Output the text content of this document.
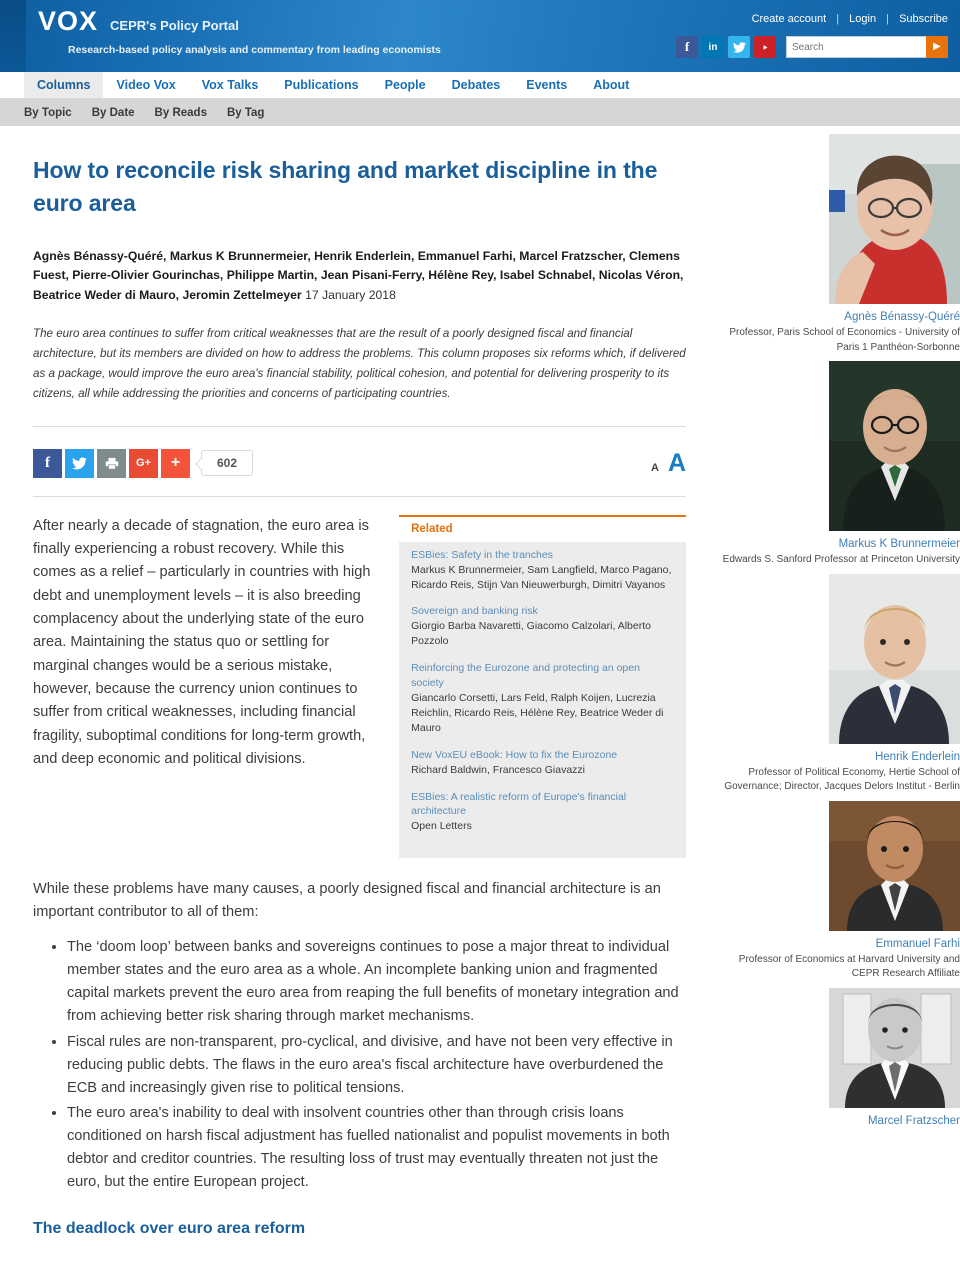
VOX CEPR's Policy Portal
Research-based policy analysis and commentary from leading economists
Create account | Login | Subscribe
f	in
Search	▶
Columns	Video Vox	Vox Talks	Publications	People	Debates	Events	About
By Topic By Date By Reads By Tag
How to reconcile risk sharing and market discipline in the euro area
Agnès Bénassy-Quéré, Markus K Brunnermeier, Henrik Enderlein, Emmanuel Farhi, Marcel Fratzscher, Clemens Fuest, Pierre-Olivier Gourinchas, Philippe Martin, Jean Pisani-Ferry, Hélène Rey, Isabel Schnabel, Nicolas Véron, Beatrice Weder di Mauro, Jeromin Zettelmeyer 17 January 2018

The euro area continues to suffer from critical weaknesses that are the result of a poorly designed fiscal and financial architecture, but its members are divided on how to address the problems. This column proposes six reforms which, if delivered as a package, would improve the euro area's financial stability, political cohesion, and potential for delivering prosperity to its citizens, all while addressing the priorities and concerns of participating countries.

f	G+	+	602	A A
After nearly a decade of stagnation, the euro area is finally experiencing a robust recovery. While this comes as a relief – particularly in countries with high debt and unemployment levels – it is also breeding complacency about the underlying state of the euro area. Maintaining the status quo or settling for marginal changes would be a serious mistake, however, because the currency union continues to suffer from critical weaknesses, including financial fragility, suboptimal conditions for long-term growth, and deep economic and political divisions.
Related
ESBies: Safety in the tranches
Markus K Brunnermeier, Sam Langfield, Marco Pagano, Ricardo Reis, Stijn Van Nieuwerburgh, Dimitri Vayanos
Sovereign and banking risk
Giorgio Barba Navaretti, Giacomo Calzolari, Alberto Pozzolo
Reinforcing the Eurozone and protecting an open society
Giancarlo Corsetti, Lars Feld, Ralph Koijen, Lucrezia Reichlin, Ricardo Reis, Hélène Rey, Beatrice Weder di Mauro
New VoxEU eBook: How to fix the Eurozone
Richard Baldwin, Francesco Giavazzi
ESBies: A realistic reform of Europe's financial architecture
Open Letters

While these problems have many causes, a poorly designed fiscal and financial architecture is an important contributor to all of them:

• The ‘doom loop’ between banks and sovereigns continues to pose a major threat to individual member states and the euro area as a whole. An incomplete banking union and fragmented capital markets prevent the euro area from reaping the full benefits of monetary integration and from achieving better risk sharing through market mechanisms.
• Fiscal rules are non-transparent, pro-cyclical, and divisive, and have not been very effective in reducing public debts. The flaws in the euro area's fiscal architecture have overburdened the ECB and increasingly given rise to political tensions.
• The euro area's inability to deal with insolvent countries other than through crisis loans conditioned on harsh fiscal adjustment has fuelled nationalist and populist movements in both debtor and creditor countries. The resulting loss of trust may eventually threaten not just the euro, but the entire European project.
The deadlock over euro area reform
Agnès Bénassy-Quéré
Professor, Paris School of Economics - University of Paris 1 Panthéon-Sorbonne
Markus K Brunnermeier
Edwards S. Sanford Professor at Princeton University
Henrik Enderlein
Professor of Political Economy, Hertie School of Governance; Director, Jacques Delors Institut - Berlin
Emmanuel Farhi
Professor of Economics at Harvard University and CEPR Research Affiliate
Marcel Fratzscher
